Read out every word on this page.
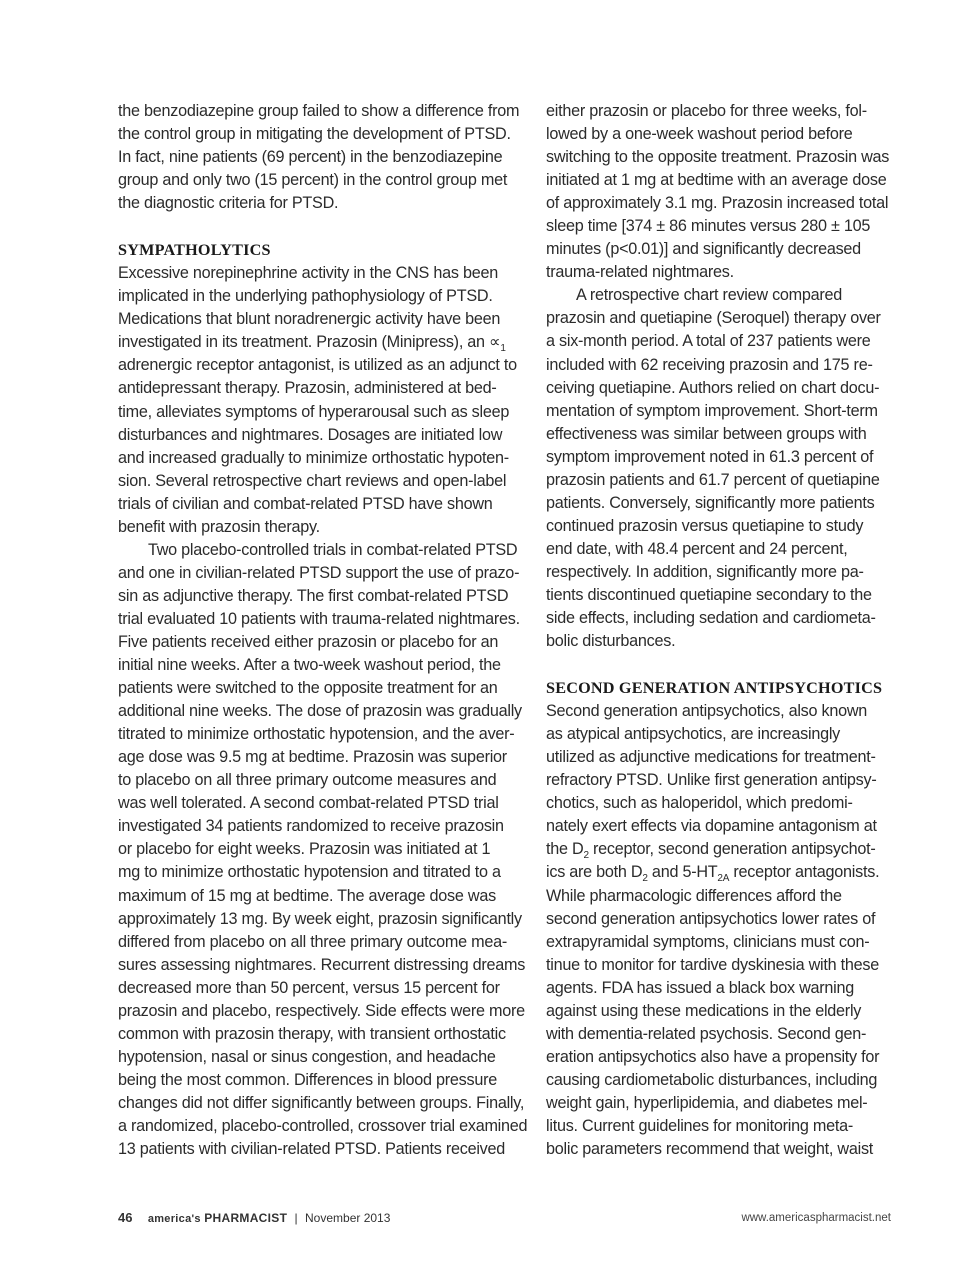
the benzodiazepine group failed to show a difference from
the control group in mitigating the development of PTSD.
In fact, nine patients (69 percent) in the benzodiazepine
group and only two (15 percent) in the control group met
the diagnostic criteria for PTSD.
SYMPATHOLYTICS
Excessive norepinephrine activity in the CNS has been
implicated in the underlying pathophysiology of PTSD.
Medications that blunt noradrenergic activity have been
investigated in its treatment. Prazosin (Minipress), an $\propto_1$
adrenergic receptor antagonist, is utilized as an adjunct to
antidepressant therapy. Prazosin, administered at bed-
time, alleviates symptoms of hyperarousal such as sleep
disturbances and nightmares. Dosages are initiated low
and increased gradually to minimize orthostatic hypoten-
sion. Several retrospective chart reviews and open-label
trials of civilian and combat-related PTSD have shown
benefit with prazosin therapy.
Two placebo-controlled trials in combat-related PTSD
and one in civilian-related PTSD support the use of prazo-
sin as adjunctive therapy. The first combat-related PTSD
trial evaluated 10 patients with trauma-related nightmares.
Five patients received either prazosin or placebo for an
initial nine weeks. After a two-week washout period, the
patients were switched to the opposite treatment for an
additional nine weeks. The dose of prazosin was gradually
titrated to minimize orthostatic hypotension, and the aver-
age dose was 9.5 mg at bedtime. Prazosin was superior
to placebo on all three primary outcome measures and
was well tolerated. A second combat-related PTSD trial
investigated 34 patients randomized to receive prazosin
or placebo for eight weeks. Prazosin was initiated at 1
mg to minimize orthostatic hypotension and titrated to a
maximum of 15 mg at bedtime. The average dose was
approximately 13 mg. By week eight, prazosin significantly
differed from placebo on all three primary outcome mea-
sures assessing nightmares. Recurrent distressing dreams
decreased more than 50 percent, versus 15 percent for
prazosin and placebo, respectively. Side effects were more
common with prazosin therapy, with transient orthostatic
hypotension, nasal or sinus congestion, and headache
being the most common. Differences in blood pressure
changes did not differ significantly between groups. Finally,
a randomized, placebo-controlled, crossover trial examined
13 patients with civilian-related PTSD. Patients received
either prazosin or placebo for three weeks, fol-
lowed by a one-week washout period before
switching to the opposite treatment. Prazosin was
initiated at 1 mg at bedtime with an average dose
of approximately 3.1 mg. Prazosin increased total
sleep time [374 ± 86 minutes versus 280 ± 105
minutes (p<0.01)] and significantly decreased
trauma-related nightmares.
A retrospective chart review compared
prazosin and quetiapine (Seroquel) therapy over
a six-month period. A total of 237 patients were
included with 62 receiving prazosin and 175 re-
ceiving quetiapine. Authors relied on chart docu-
mentation of symptom improvement. Short-term
effectiveness was similar between groups with
symptom improvement noted in 61.3 percent of
prazosin patients and 61.7 percent of quetiapine
patients. Conversely, significantly more patients
continued prazosin versus quetiapine to study
end date, with 48.4 percent and 24 percent,
respectively. In addition, significantly more pa-
tients discontinued quetiapine secondary to the
side effects, including sedation and cardiometa-
bolic disturbances.
SECOND GENERATION ANTIPSYCHOTICS
Second generation antipsychotics, also known
as atypical antipsychotics, are increasingly
utilized as adjunctive medications for treatment-
refractory PTSD. Unlike first generation antipsy-
chotics, such as haloperidol, which predomi-
nately exert effects via dopamine antagonism at
the $D_2$ receptor, second generation antipsychot-
ics are both $D_2$ and $5-HT_{2A}$ receptor antagonists.
While pharmacologic differences afford the
second generation antipsychotics lower rates of
extrapyramidal symptoms, clinicians must con-
tinue to monitor for tardive dyskinesia with these
agents. FDA has issued a black box warning
against using these medications in the elderly
with dementia-related psychosis. Second gen-
eration antipsychotics also have a propensity for
causing cardiometabolic disturbances, including
weight gain, hyperlipidemia, and diabetes mel-
litus. Current guidelines for monitoring meta-
bolic parameters recommend that weight, waist
46 america's PHARMACIST | November 2013	www.americaspharmacist.net
